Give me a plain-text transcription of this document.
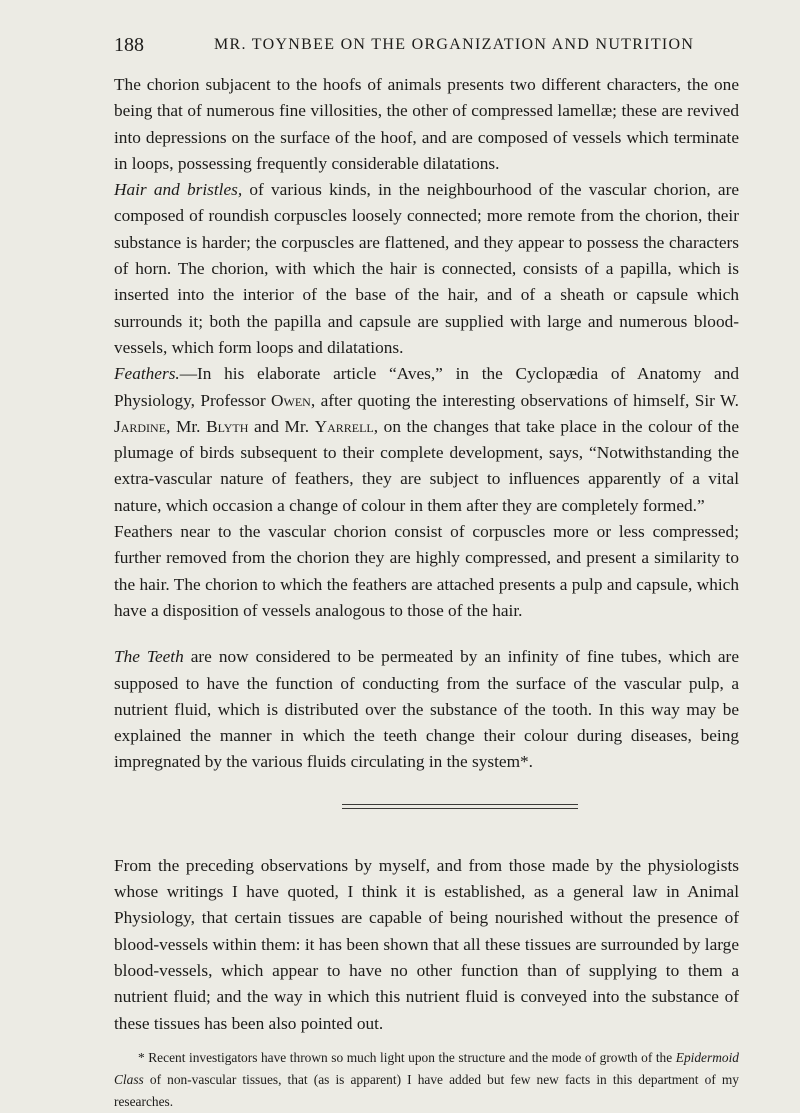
188	MR. TOYNBEE ON THE ORGANIZATION AND NUTRITION

The chorion subjacent to the hoofs of animals presents two different characters, the one being that of numerous fine villosities, the other of compressed lamellæ; these are revived into depressions on the surface of the hoof, and are composed of vessels which terminate in loops, possessing frequently considerable dilatations.

Hair and bristles, of various kinds, in the neighbourhood of the vascular chorion, are composed of roundish corpuscles loosely connected; more remote from the chorion, their substance is harder; the corpuscles are flattened, and they appear to possess the characters of horn. The chorion, with which the hair is connected, consists of a papilla, which is inserted into the interior of the base of the hair, and of a sheath or capsule which surrounds it; both the papilla and capsule are supplied with large and numerous blood-vessels, which form loops and dilatations.

Feathers.—In his elaborate article “Aves,” in the Cyclopædia of Anatomy and Physiology, Professor Owen, after quoting the interesting observations of himself, Sir W. Jardine, Mr. Blyth and Mr. Yarrell, on the changes that take place in the colour of the plumage of birds subsequent to their complete development, says, “Notwithstanding the extra-vascular nature of feathers, they are subject to influences apparently of a vital nature, which occasion a change of colour in them after they are completely formed.”

Feathers near to the vascular chorion consist of corpuscles more or less compressed; further removed from the chorion they are highly compressed, and present a similarity to the hair. The chorion to which the feathers are attached presents a pulp and capsule, which have a disposition of vessels analogous to those of the hair.

The Teeth are now considered to be permeated by an infinity of fine tubes, which are supposed to have the function of conducting from the surface of the vascular pulp, a nutrient fluid, which is distributed over the substance of the tooth. In this way may be explained the manner in which the teeth change their colour during diseases, being impregnated by the various fluids circulating in the system*.

From the preceding observations by myself, and from those made by the physiologists whose writings I have quoted, I think it is established, as a general law in Animal Physiology, that certain tissues are capable of being nourished without the presence of blood-vessels within them: it has been shown that all these tissues are surrounded by large blood-vessels, which appear to have no other function than of supplying to them a nutrient fluid; and the way in which this nutrient fluid is conveyed into the substance of these tissues has been also pointed out.

* Recent investigators have thrown so much light upon the structure and the mode of growth of the Epidermoid Class of non-vascular tissues, that (as is apparent) I have added but few new facts in this department of my researches.
